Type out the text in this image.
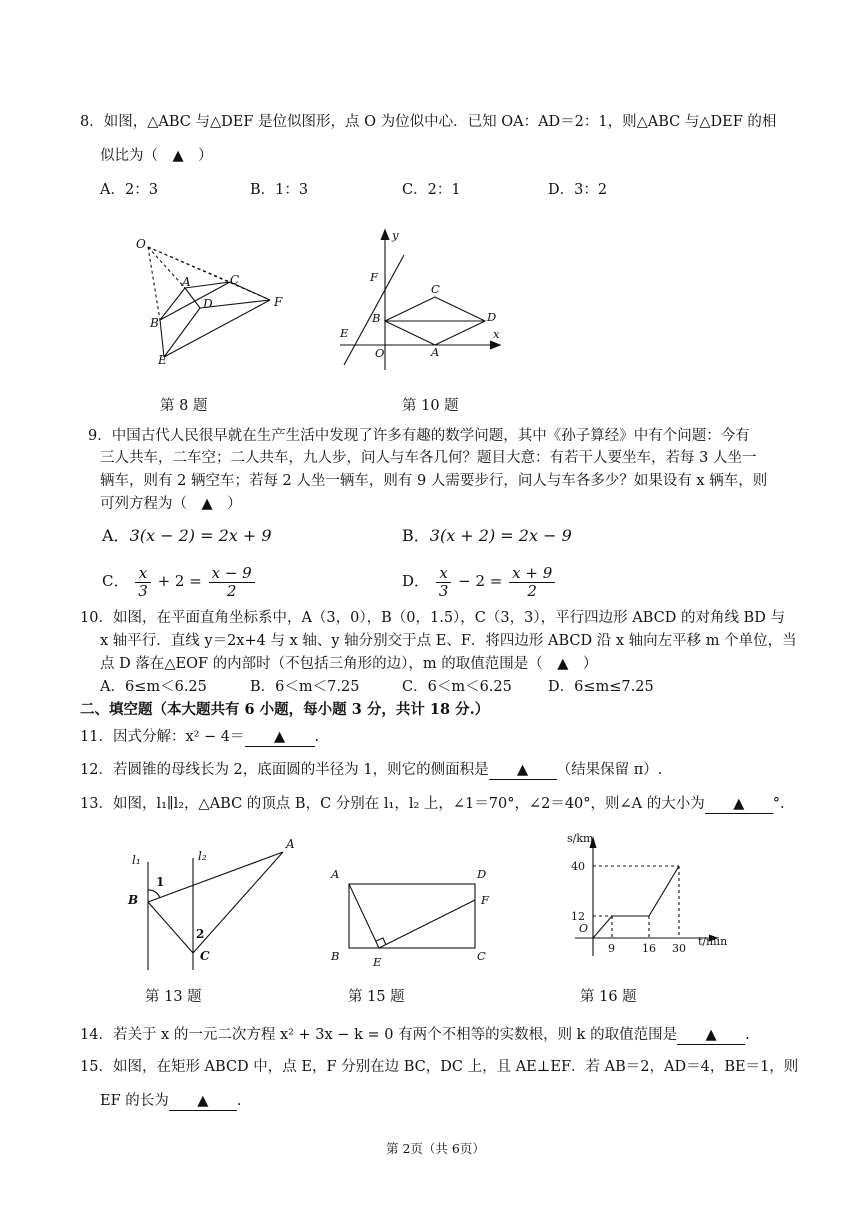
8．如图，△ABC 与△DEF 是位似图形，点 O 为位似中心．已知 OA：AD＝2：1，则△ABC 与△DEF 的相
似比为（　▲　）
A．2：3	B．1：3	C．2：1	D．3：2
O
A	C
D	F
B
E
第 8 题
y
F
C
B	D
x
E
O	A
第 10 题
9．中国古代人民很早就在生产生活中发现了许多有趣的数学问题，其中《孙子算经》中有个问题：今有
三人共车，二车空；二人共车，九人步，问人与车各几何？题目大意：有若干人要坐车，若每 3 人坐一
辆车，则有 2 辆空车；若每 2 人坐一辆车，则有 9 人需要步行，问人与车各多少？如果设有 x 辆车，则
可列方程为（　▲　）
A．3(x − 2) = 2x + 9	B．3(x + 2) = 2x − 9
C． $\frac{x}{3} + 2 = \frac{x - 9}{2}$	D． $\frac{x}{3} - 2 = \frac{x + 9}{2}$
10．如图，在平面直角坐标系中，A（3，0），B（0，1.5），C（3，3），平行四边形 ABCD 的对角线 BD 与
x 轴平行．直线 y＝2x+4 与 x 轴、y 轴分别交于点 E、F．将四边形 ABCD 沿 x 轴向左平移 m 个单位，当
点 D 落在△EOF 的内部时（不包括三角形的边），m 的取值范围是（　▲　）
A．6≤m＜6.25	B．6＜m＜7.25	C．6＜m＜6.25 D．6≤m≤7.25
二、填空题（本大题共有 6 小题，每小题 3 分，共计 18 分.）
11．因式分解：x² − 4＝ ▲ .
12．若圆锥的母线长为 2，底面圆的半径为 1，则它的侧面积是 ▲ （结果保留 π）.
13．如图，l₁∥l₂，△ABC 的顶点 B，C 分别在 l₁，l₂ 上，∠1＝70°，∠2＝40°，则∠A 的大小为 ▲ °.
l₁	l₂
A
1
B
2
C
第 13 题
A	D
F
B	E	C
第 15 题
s/km
40
12
O
9 16 30
t/min
第 16 题
14．若关于 x 的一元二次方程 x² + 3x − k = 0 有两个不相等的实数根，则 k 的取值范围是 ▲ .
15．如图，在矩形 ABCD 中，点 E，F 分别在边 BC，DC 上，且 AE⊥EF．若 AB＝2，AD＝4，BE＝1，则
EF 的长为 ▲ .
第 2页（共 6页）
